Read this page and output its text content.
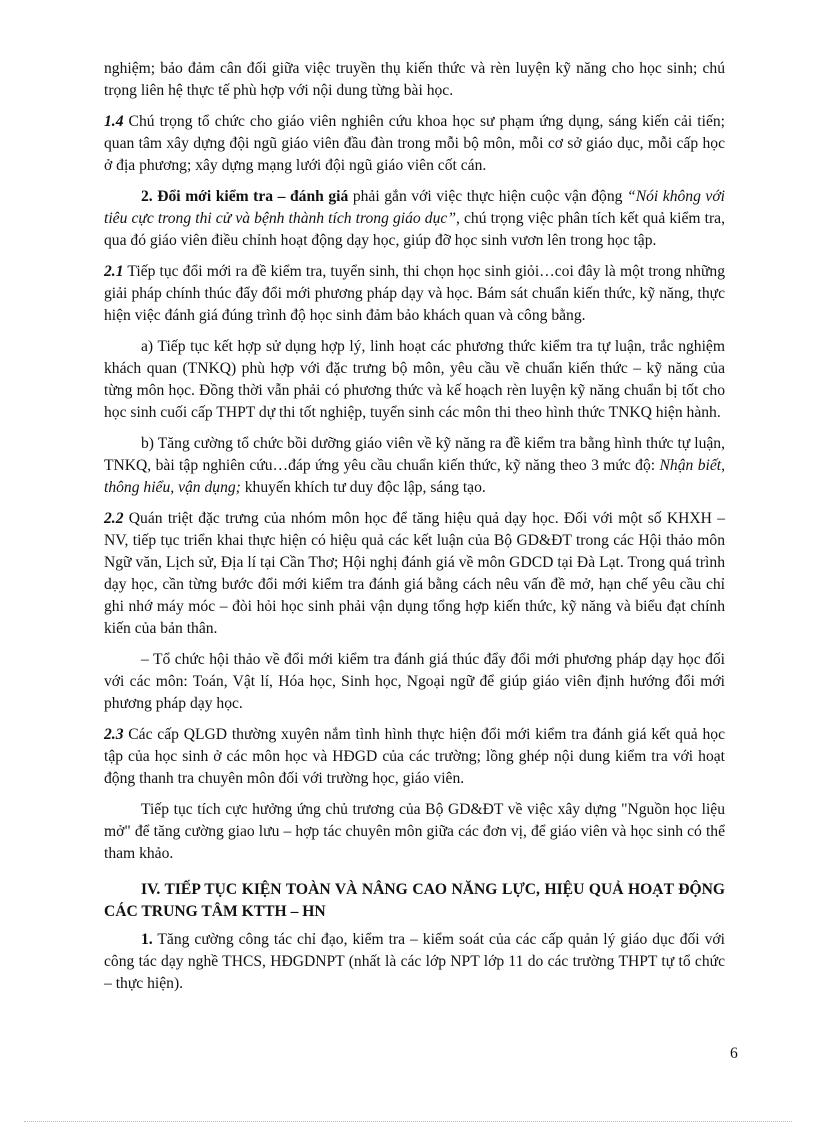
nghiệm; bảo đảm cân đối giữa việc truyền thụ kiến thức và rèn luyện kỹ năng cho học sinh; chú trọng liên hệ thực tế phù hợp với nội dung từng bài học.

1.4 Chú trọng tổ chức cho giáo viên nghiên cứu khoa học sư phạm ứng dụng, sáng kiến cải tiến; quan tâm xây dựng đội ngũ giáo viên đầu đàn trong mỗi bộ môn, mỗi cơ sở giáo dục, mỗi cấp học ở địa phương; xây dựng mạng lưới đội ngũ giáo viên cốt cán.

2. Đổi mới kiểm tra – đánh giá phải gắn với việc thực hiện cuộc vận động “Nói không với tiêu cực trong thi cử và bệnh thành tích trong giáo dục”, chú trọng việc phân tích kết quả kiểm tra, qua đó giáo viên điều chỉnh hoạt động dạy học, giúp đỡ học sinh vươn lên trong học tập.

2.1 Tiếp tục đổi mới ra đề kiểm tra, tuyển sinh, thi chọn học sinh giỏi…coi đây là một trong những giải pháp chính thúc đẩy đổi mới phương pháp dạy và học. Bám sát chuẩn kiến thức, kỹ năng, thực hiện việc đánh giá đúng trình độ học sinh đảm bảo khách quan và công bằng.

a) Tiếp tục kết hợp sử dụng hợp lý, linh hoạt các phương thức kiểm tra tự luận, trắc nghiệm khách quan (TNKQ) phù hợp với đặc trưng bộ môn, yêu cầu về chuẩn kiến thức – kỹ năng của từng môn học. Đồng thời vẫn phải có phương thức và kế hoạch rèn luyện kỹ năng chuẩn bị tốt cho học sinh cuối cấp THPT dự thi tốt nghiệp, tuyển sinh các môn thi theo hình thức TNKQ hiện hành.

b) Tăng cường tổ chức bồi dưỡng giáo viên về kỹ năng ra đề kiểm tra bằng hình thức tự luận, TNKQ, bài tập nghiên cứu…đáp ứng yêu cầu chuẩn kiến thức, kỹ năng theo 3 mức độ: Nhận biết, thông hiểu, vận dụng; khuyến khích tư duy độc lập, sáng tạo.

2.2 Quán triệt đặc trưng của nhóm môn học để tăng hiệu quả dạy học. Đối với một số KHXH – NV, tiếp tục triển khai thực hiện có hiệu quả các kết luận của Bộ GD&ĐT trong các Hội thảo môn Ngữ văn, Lịch sử, Địa lí tại Cần Thơ; Hội nghị đánh giá về môn GDCD tại Đà Lạt. Trong quá trình dạy học, cần từng bước đổi mới kiểm tra đánh giá bằng cách nêu vấn đề mở, hạn chế yêu cầu chỉ ghi nhớ máy móc – đòi hỏi học sinh phải vận dụng tổng hợp kiến thức, kỹ năng và biểu đạt chính kiến của bản thân.

– Tổ chức hội thảo về đổi mới kiểm tra đánh giá thúc đẩy đổi mới phương pháp dạy học đối với các môn: Toán, Vật lí, Hóa học, Sinh học, Ngoại ngữ để giúp giáo viên định hướng đổi mới phương pháp dạy học.

2.3 Các cấp QLGD thường xuyên nắm tình hình thực hiện đổi mới kiểm tra đánh giá kết quả học tập của học sinh ở các môn học và HĐGD của các trường; lồng ghép nội dung kiểm tra với hoạt động thanh tra chuyên môn đối với trường học, giáo viên.

Tiếp tục tích cực hưởng ứng chủ trương của Bộ GD&ĐT về việc xây dựng "Nguồn học liệu mở" để tăng cường giao lưu – hợp tác chuyên môn giữa các đơn vị, để giáo viên và học sinh có thể tham khảo.

IV. TIẾP TỤC KIỆN TOÀN VÀ NÂNG CAO NĂNG LỰC, HIỆU QUẢ HOẠT ĐỘNG CÁC TRUNG TÂM KTTH – HN

1. Tăng cường công tác chỉ đạo, kiểm tra – kiểm soát của các cấp quản lý giáo dục đối với công tác dạy nghề THCS, HĐGDNPT (nhất là các lớp NPT lớp 11 do các trường THPT tự tổ chức – thực hiện).

6
